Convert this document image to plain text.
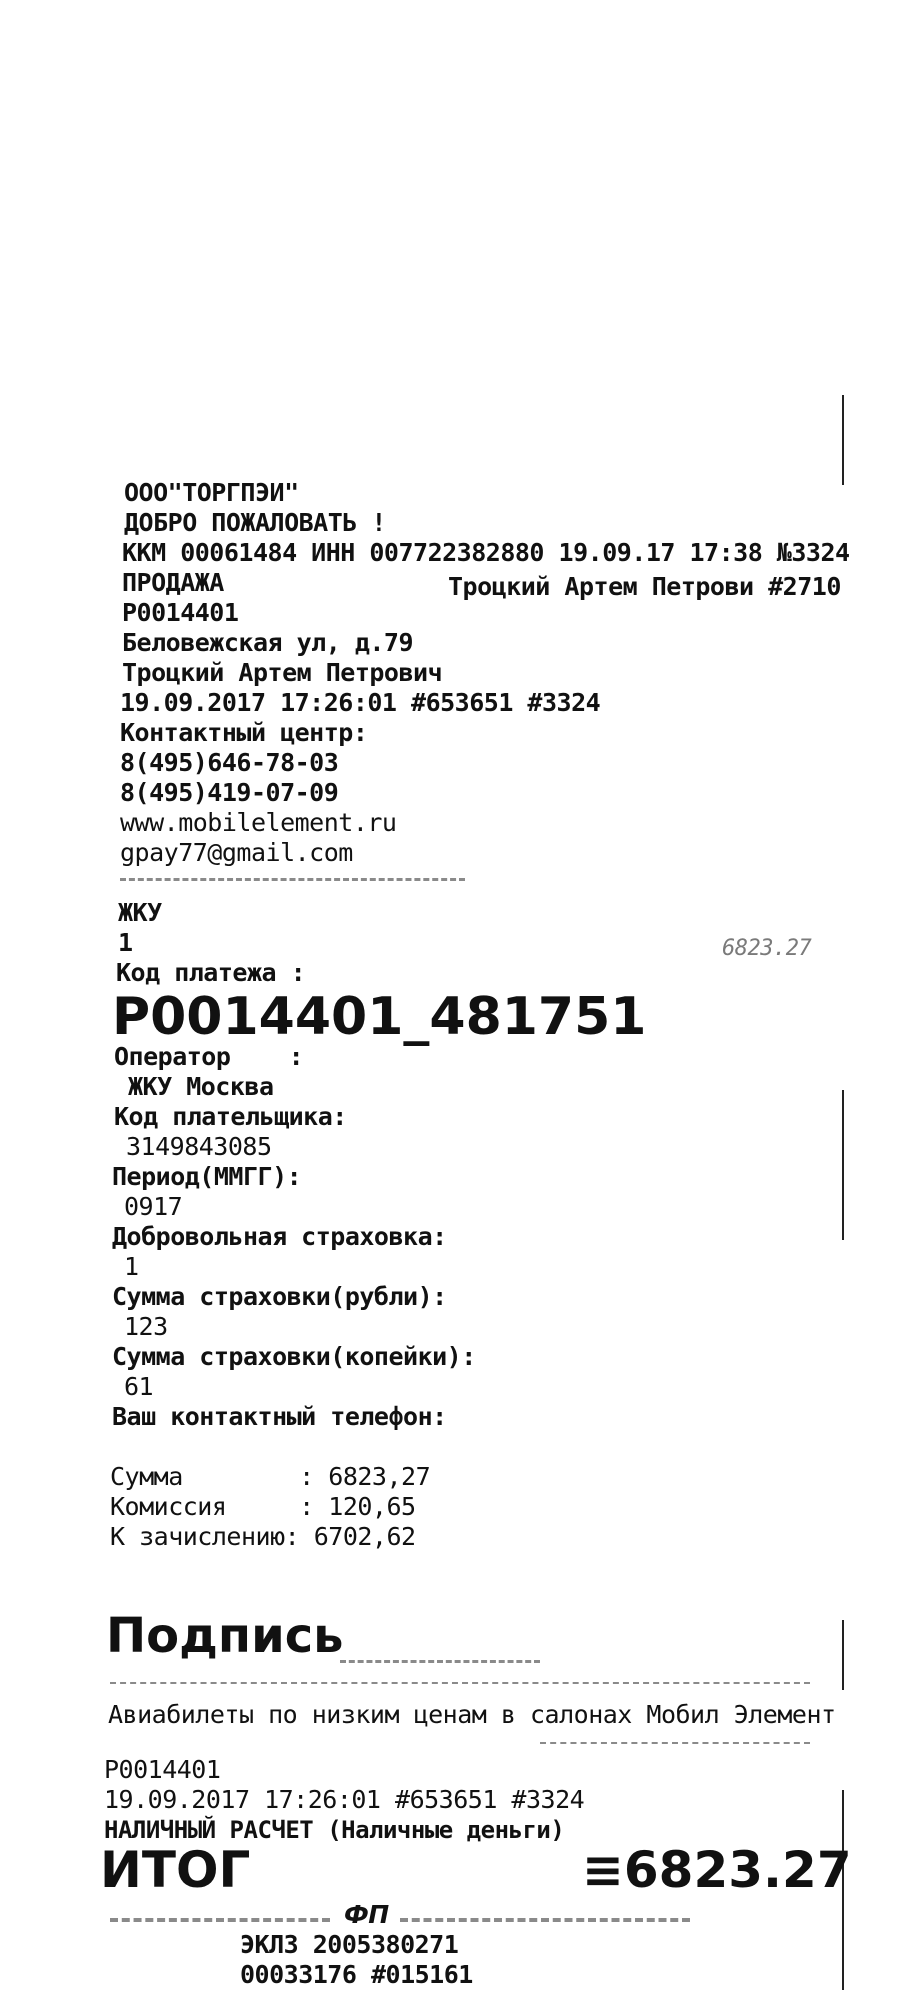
ООО"ТОРГПЭИ"
ДОБРО ПОЖАЛОВАТЬ !
ККМ 00061484 ИНН 007722382880 19.09.17 17:38 №3324
ПРОДАЖА	Троцкий Артем Петрови #2710
P0014401
Беловежская ул, д.79
Троцкий Артем Петрович
19.09.2017 17:26:01 #653651 #3324
Контактный центр:
8(495)646-78-03
8(495)419-07-09
www.mobilelement.ru
gpay77@gmail.com
ЖКУ
1	6823.27
Код платежа :
P0014401_481751
Оператор    :
ЖКУ Москва
Код плательщика:
3149843085
Период(ММГГ):
0917
Добровольная страховка:
1
Сумма страховки(рубли):
123
Сумма страховки(копейки):
61
Ваш контактный телефон:
Сумма        : 6823,27
Комиссия     : 120,65
К зачислению: 6702,62
Подпись
Авиабилеты по низким ценам в салонах Мобил Элемент
P0014401
19.09.2017 17:26:01 #653651 #3324
НАЛИЧНЫЙ РАСЧЕТ (Наличные деньги)
ИТОГ	≡6823.27
ФП
ЭКЛЗ 2005380271
00033176 #015161
